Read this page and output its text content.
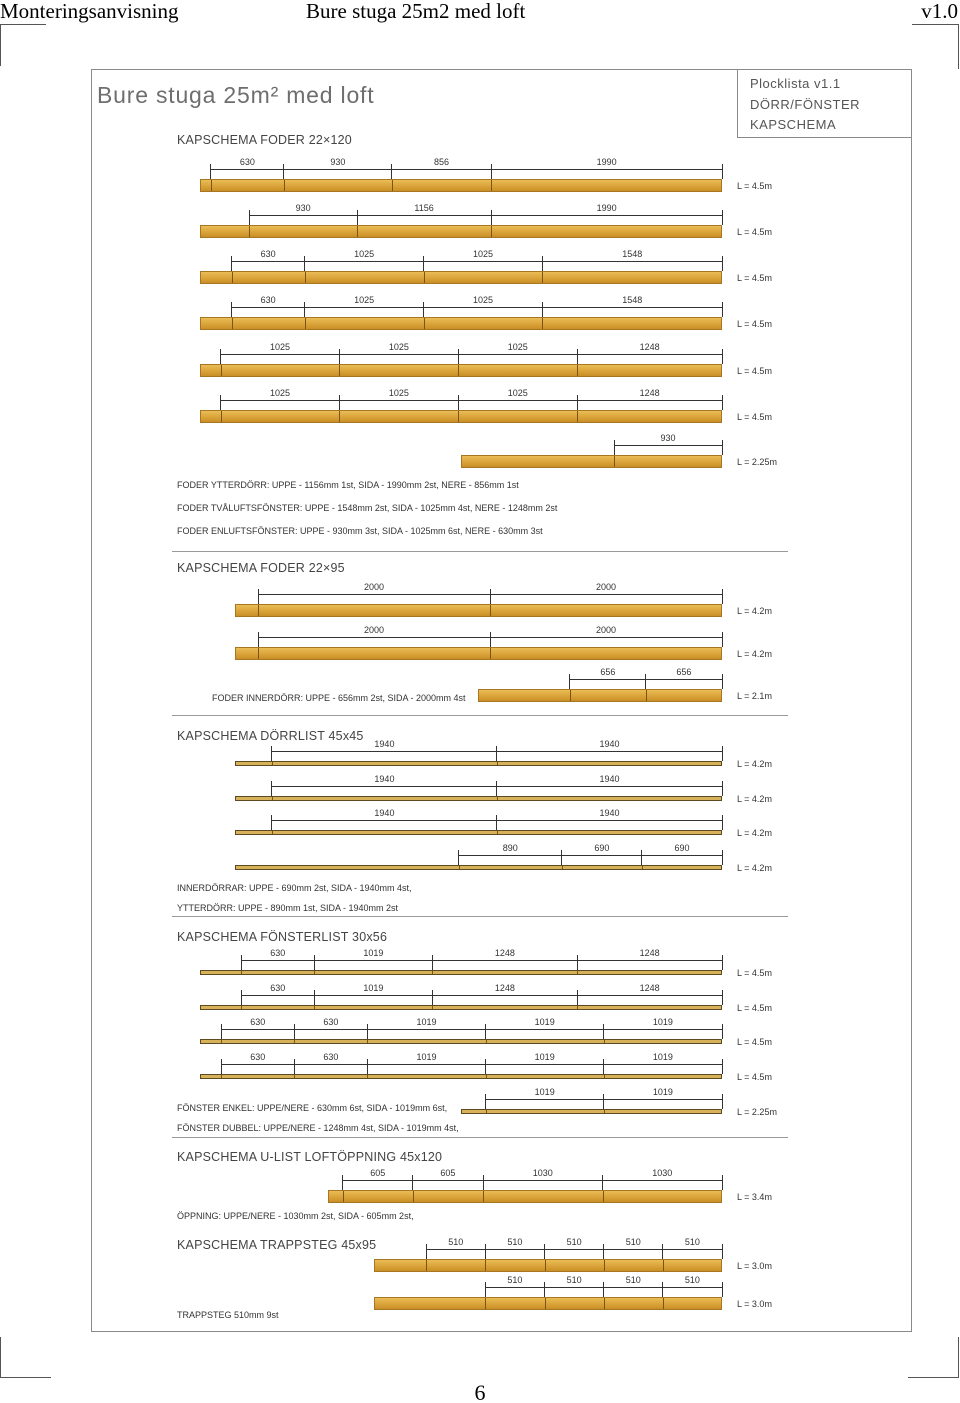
Monteringsanvisning	Bure stuga 25m2 med loft	v1.0
Bure stuga 25m² med loft	Plocklista v1.1
DÖRR/FÖNSTER
KAPSCHEMA
KAPSCHEMA FODER 22×120
630	930	856	1990
L = 4.5m
930	1156	1990
L = 4.5m
630	1025	1025	1548
L = 4.5m
630	1025	1025	1548
L = 4.5m
1025	1025	1025	1248
L = 4.5m
1025	1025	1025	1248
L = 4.5m
930
L = 2.25m
FODER YTTERDÖRR: UPPE - 1156mm 1st, SIDA - 1990mm 2st, NERE - 856mm 1st
FODER TVÅLUFTSFÖNSTER: UPPE - 1548mm 2st, SIDA - 1025mm 4st, NERE - 1248mm 2st
FODER ENLUFTSFÖNSTER: UPPE - 930mm 3st, SIDA - 1025mm 6st, NERE - 630mm 3st
KAPSCHEMA FODER 22×95
2000	2000
L = 4.2m
2000	2000
L = 4.2m
656	656
L = 2.1m
FODER INNERDÖRR: UPPE - 656mm 2st, SIDA - 2000mm 4st
KAPSCHEMA DÖRRLIST 45x45
1940	1940
L = 4.2m
1940	1940
L = 4.2m
1940	1940
L = 4.2m
890	690	690
L = 4.2m
INNERDÖRRAR: UPPE - 690mm 2st, SIDA - 1940mm 4st,
YTTERDÖRR: UPPE - 890mm 1st, SIDA - 1940mm 2st
KAPSCHEMA FÖNSTERLIST 30x56
630	1019	1248	1248
L = 4.5m
630	1019	1248	1248
L = 4.5m
630	630	1019	1019	1019
L = 4.5m
630	630	1019	1019	1019
L = 4.5m
1019	1019
L = 2.25m
FÖNSTER ENKEL: UPPE/NERE - 630mm 6st, SIDA - 1019mm 6st,
FÖNSTER DUBBEL: UPPE/NERE - 1248mm 4st, SIDA - 1019mm 4st,
KAPSCHEMA U-LIST LOFTÖPPNING 45x120
605	605	1030	1030
L = 3.4m
ÖPPNING: UPPE/NERE - 1030mm 2st, SIDA - 605mm 2st,
KAPSCHEMA TRAPPSTEG 45x95	510	510	510	510	510
L = 3.0m
510	510	510	510
L = 3.0m
TRAPPSTEG 510mm 9st
6
